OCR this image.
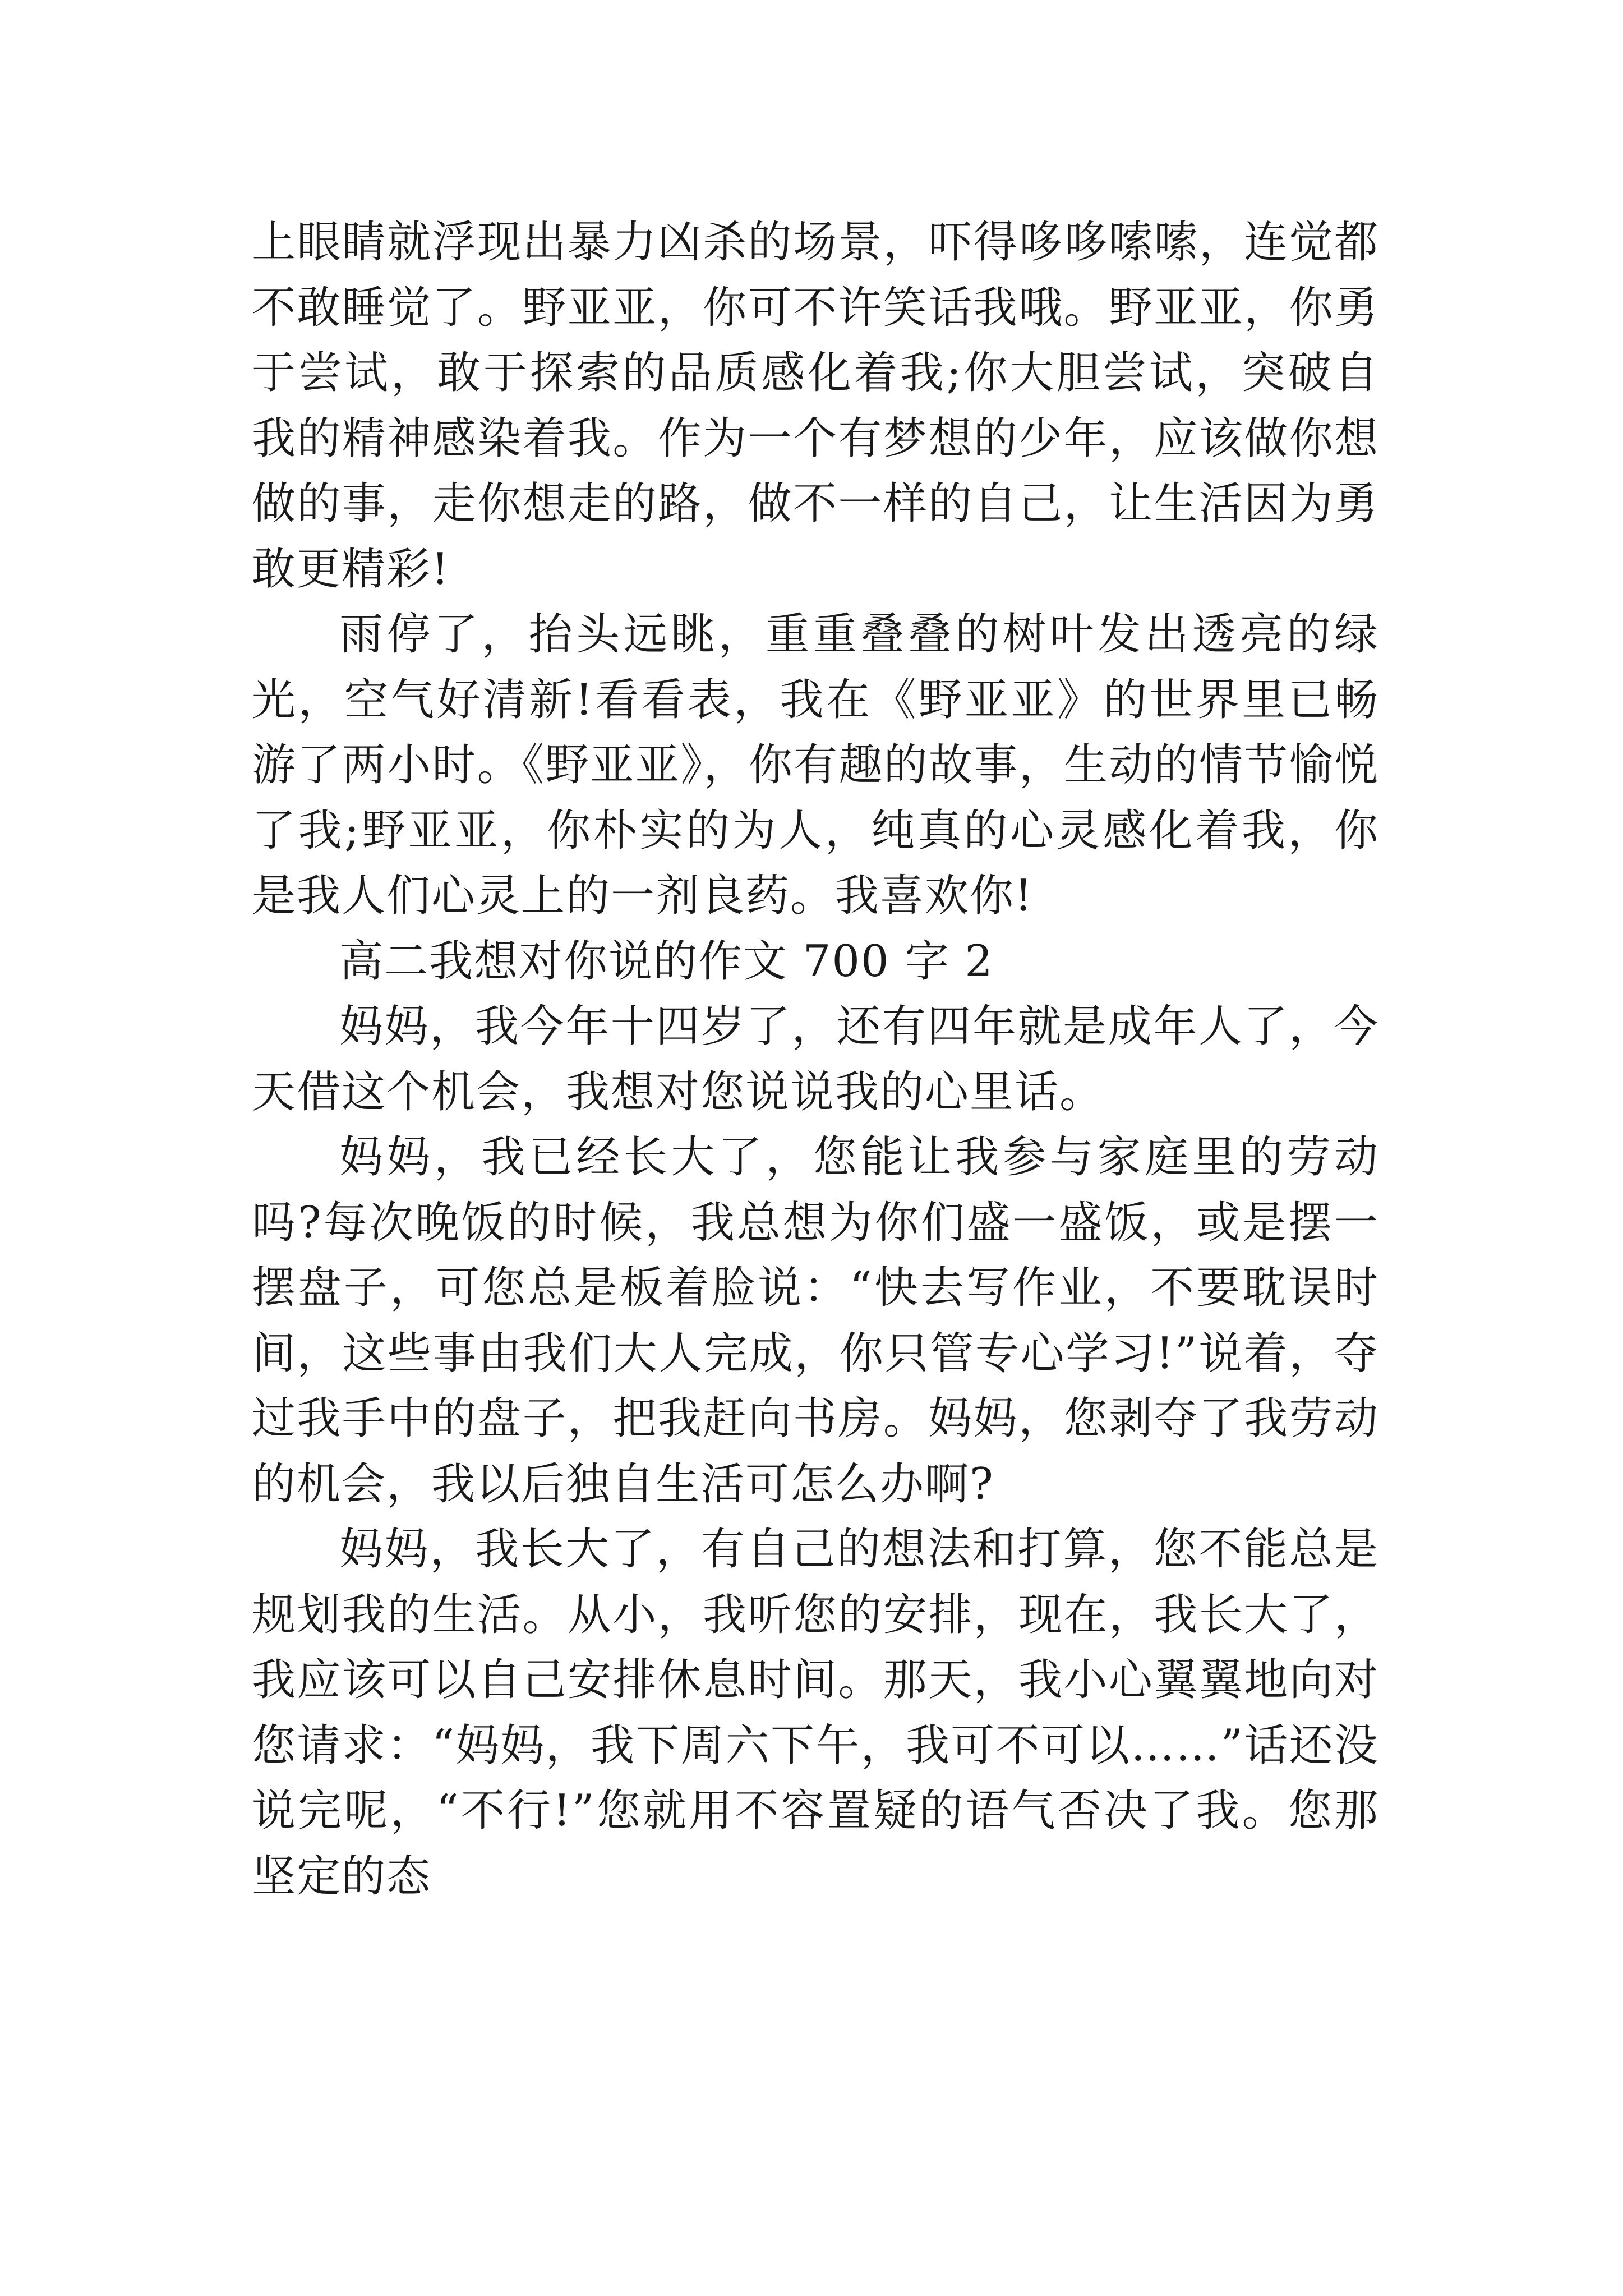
上眼睛就浮现出暴力凶杀的场景，吓得哆哆嗦嗦，连觉都不敢睡觉了。野亚亚，你可不许笑话我哦。野亚亚，你勇于尝试，敢于探索的品质感化着我;你大胆尝试，突破自我的精神感染着我。作为一个有梦想的少年，应该做你想做的事，走你想走的路，做不一样的自己，让生活因为勇敢更精彩!

雨停了，抬头远眺，重重叠叠的树叶发出透亮的绿光，空气好清新!看看表，我在《野亚亚》的世界里已畅游了两小时。《野亚亚》，你有趣的故事，生动的情节愉悦了我;野亚亚，你朴实的为人，纯真的心灵感化着我，你是我人们心灵上的一剂良药。我喜欢你!

高二我想对你说的作文 700 字 2

妈妈，我今年十四岁了，还有四年就是成年人了，今天借这个机会，我想对您说说我的心里话。

妈妈，我已经长大了，您能让我参与家庭里的劳动吗?每次晚饭的时候，我总想为你们盛一盛饭，或是摆一摆盘子，可您总是板着脸说：“快去写作业，不要耽误时间，这些事由我们大人完成，你只管专心学习!”说着，夺过我手中的盘子，把我赶向书房。妈妈，您剥夺了我劳动的机会，我以后独自生活可怎么办啊?

妈妈，我长大了，有自己的想法和打算，您不能总是规划我的生活。从小，我听您的安排，现在，我长大了，我应该可以自己安排休息时间。那天，我小心翼翼地向对您请求：“妈妈，我下周六下午，我可不可以……”话还没说完呢，“不行!”您就用不容置疑的语气否决了我。您那坚定的态
